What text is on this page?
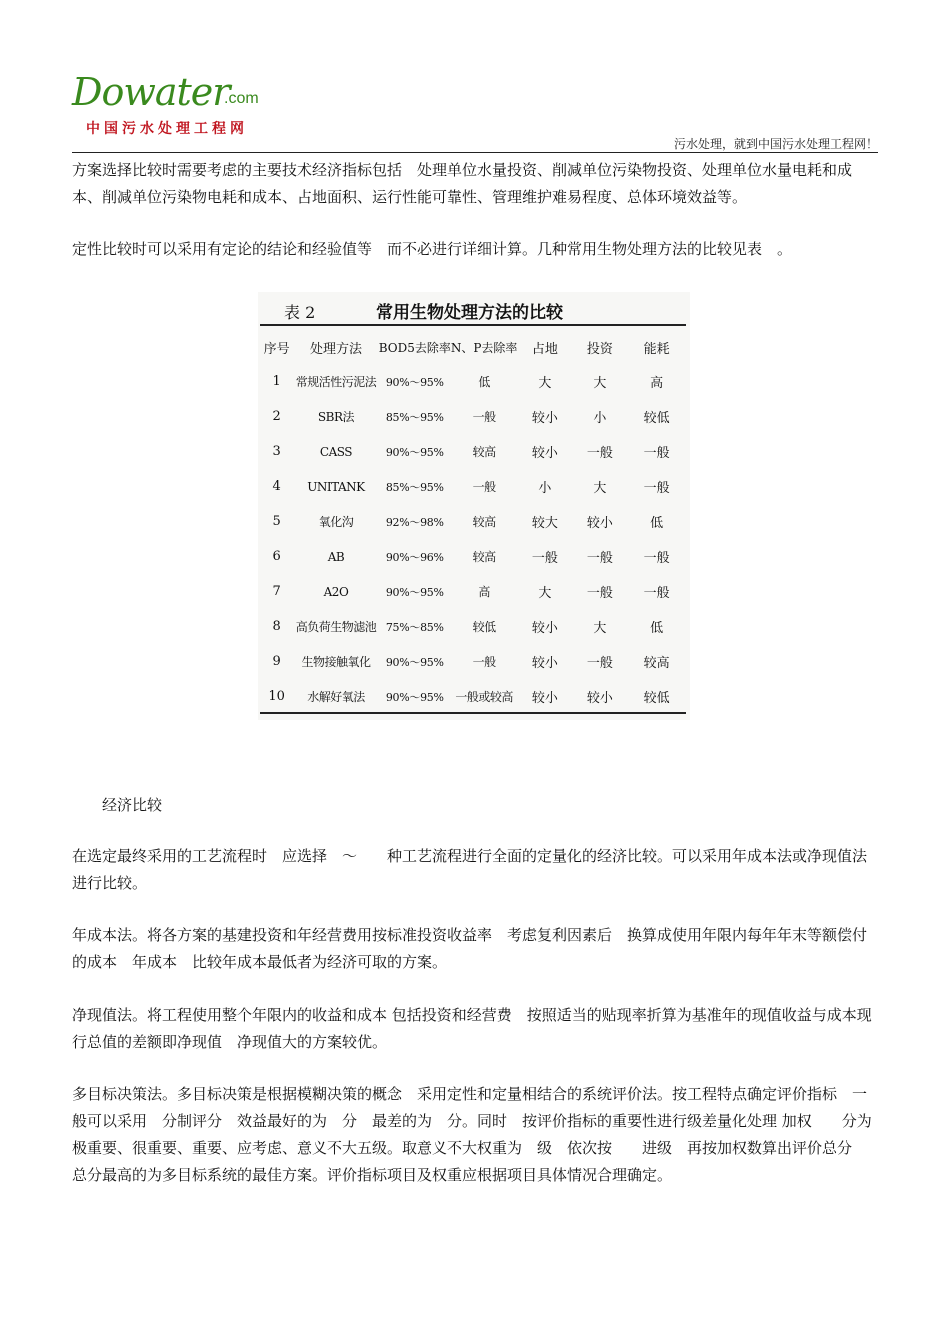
Dowater
.com
中国污水处理工程网
污水处理，就到中国污水处理工程网！

方案选择比较时需要考虑的主要技术经济指标包括　处理单位水量投资、削减单位污染物投资、处理单位水量电耗和成本、削减单位污染物电耗和成本、占地面积、运行性能可靠性、管理维护难易程度、总体环境效益等。

定性比较时可以采用有定论的结论和经验值等　而不必进行详细计算。几种常用生物处理方法的比较见表　。

表 2	常用生物处理方法的比较
序号	处理方法	BOD5去除率	N、P去除率	占地	投资	能耗
1	常规活性污泥法	90%～95%	低	大	大	高
2	SBR法	85%～95%	一般	较小	小	较低
3	CASS	90%～95%	较高	较小	一般	一般
4	UNITANK	85%～95%	一般	小	大	一般
5	氧化沟	92%～98%	较高	较大	较小	低
6	AB	90%～96%	较高	一般	一般	一般
7	A2O	90%～95%	高	大	一般	一般
8	高负荷生物滤池	75%～85%	较低	较小	大	低
9	生物接触氧化	90%～95%	一般	较小	一般	较高
10	水解好氧法	90%～95%	一般或较高	较小	较小	较低

经济比较

在选定最终采用的工艺流程时　应选择　～　　种工艺流程进行全面的定量化的经济比较。可以采用年成本法或净现值法进行比较。

年成本法。将各方案的基建投资和年经营费用按标准投资收益率　考虑复利因素后　换算成使用年限内每年年末等额偿付的成本　年成本　比较年成本最低者为经济可取的方案。

净现值法。将工程使用整个年限内的收益和成本 包括投资和经营费　按照适当的贴现率折算为基准年的现值收益与成本现行总值的差额即净现值　净现值大的方案较优。

多目标决策法。多目标决策是根据模糊决策的概念　采用定性和定量相结合的系统评价法。按工程特点确定评价指标　一般可以采用　分制评分　效益最好的为　分　最差的为　分。同时　按评价指标的重要性进行级差量化处理 加权　　分为极重要、很重要、重要、应考虑、意义不大五级。取意义不大权重为　级　依次按　　进级　再按加权数算出评价总分　总分最高的为多目标系统的最佳方案。评价指标项目及权重应根据项目具体情况合理确定。
